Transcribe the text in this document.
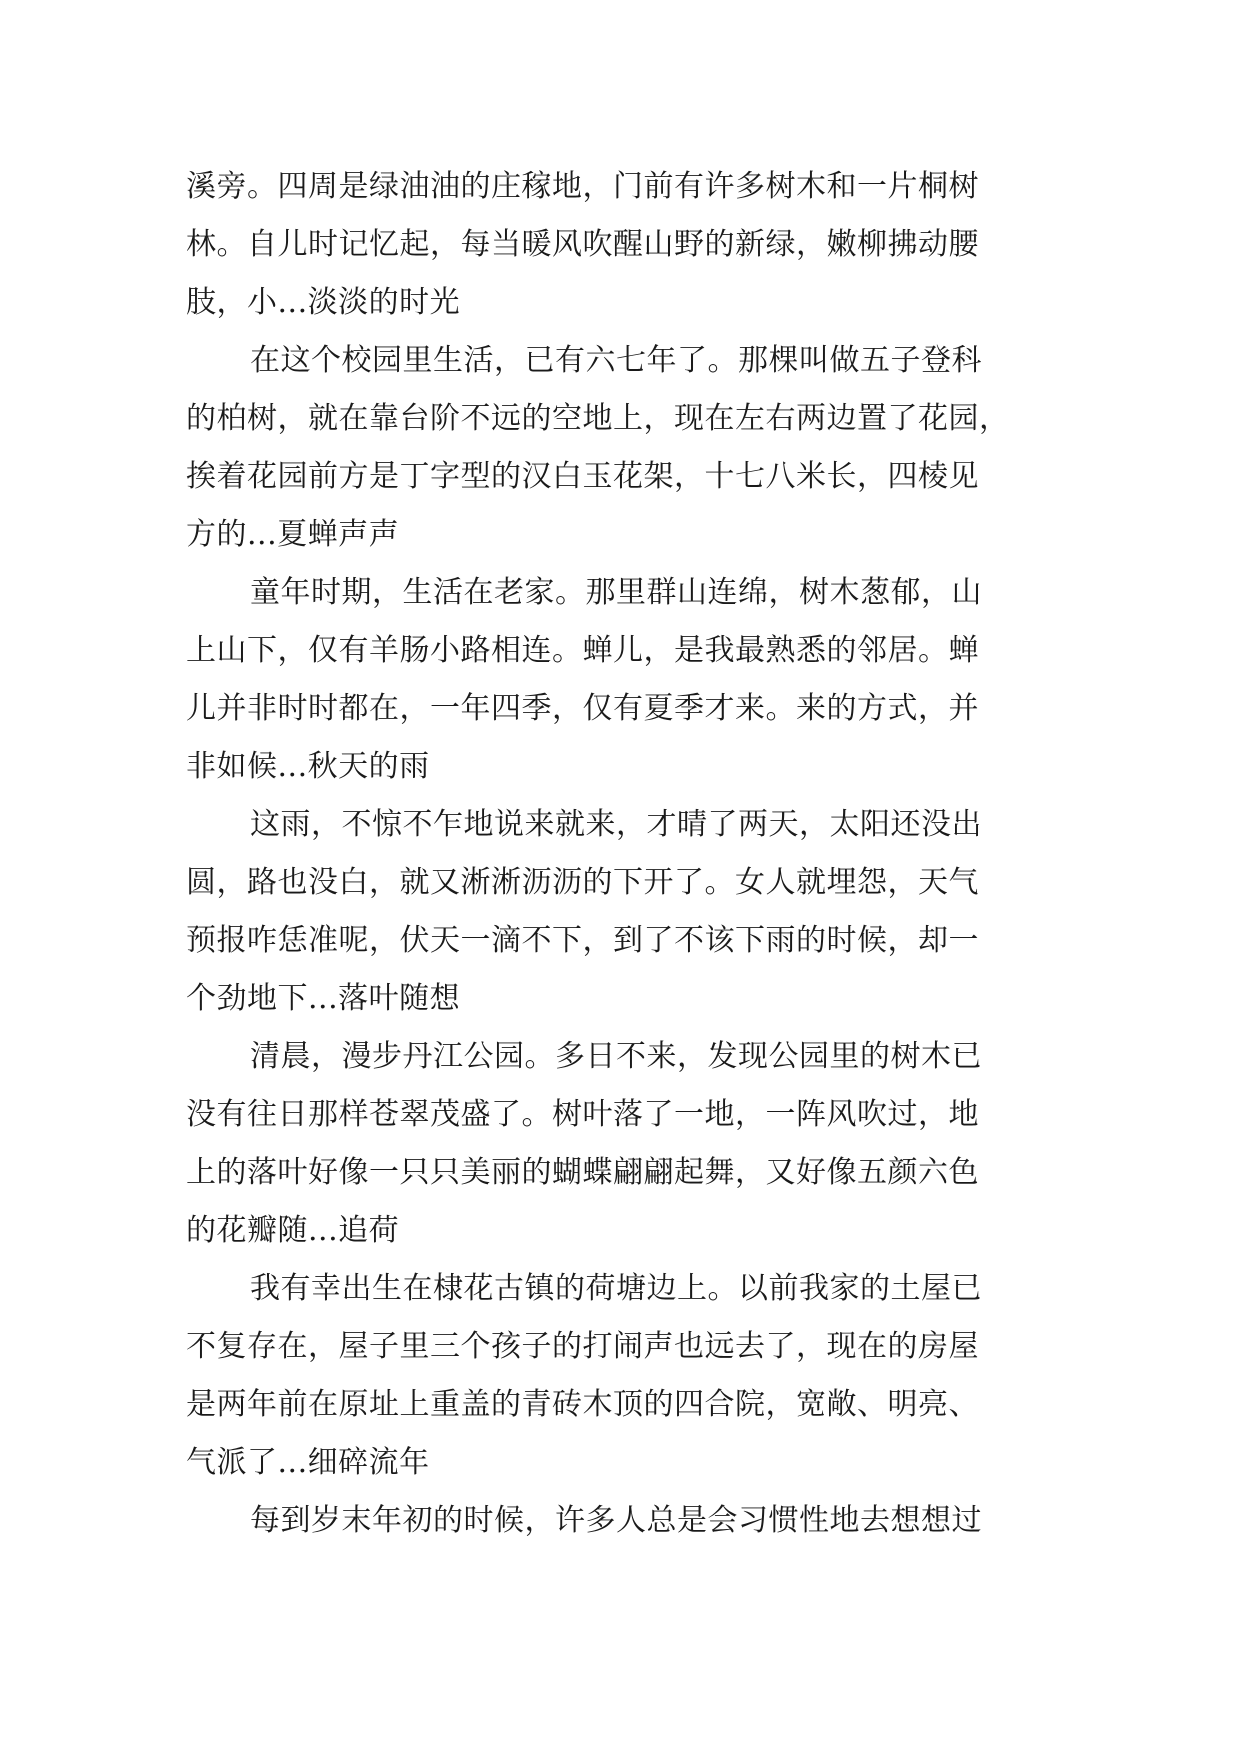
溪旁。四周是绿油油的庄稼地，门前有许多树木和一片桐树
林。自儿时记忆起，每当暖风吹醒山野的新绿，嫩柳拂动腰
肢，小...淡淡的时光
在这个校园里生活，已有六七年了。那棵叫做五子登科
的柏树，就在靠台阶不远的空地上，现在左右两边置了花园，
挨着花园前方是丁字型的汉白玉花架，十七八米长，四棱见
方的...夏蝉声声
童年时期，生活在老家。那里群山连绵，树木葱郁，山
上山下，仅有羊肠小路相连。蝉儿，是我最熟悉的邻居。蝉
儿并非时时都在，一年四季，仅有夏季才来。来的方式，并
非如候...秋天的雨
这雨，不惊不乍地说来就来，才晴了两天，太阳还没出
圆，路也没白，就又淅淅沥沥的下开了。女人就埋怨，天气
预报咋恁准呢，伏天一滴不下，到了不该下雨的时候，却一
个劲地下...落叶随想
清晨，漫步丹江公园。多日不来，发现公园里的树木已
没有往日那样苍翠茂盛了。树叶落了一地，一阵风吹过，地
上的落叶好像一只只美丽的蝴蝶翩翩起舞，又好像五颜六色
的花瓣随...追荷
我有幸出生在棣花古镇的荷塘边上。以前我家的土屋已
不复存在，屋子里三个孩子的打闹声也远去了，现在的房屋
是两年前在原址上重盖的青砖木顶的四合院，宽敞、明亮、
气派了...细碎流年
每到岁末年初的时候，许多人总是会习惯性地去想想过
